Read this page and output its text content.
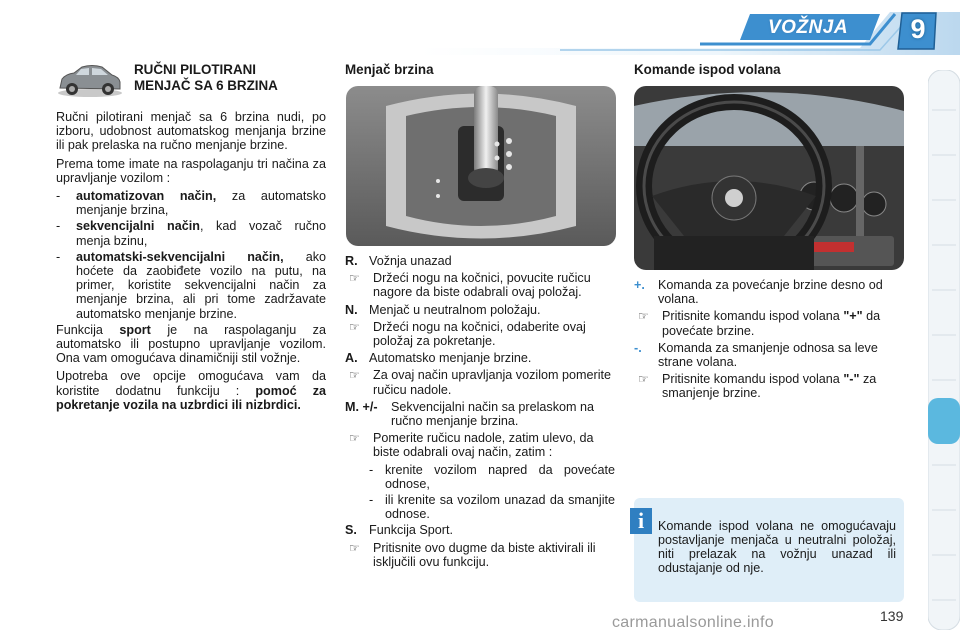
VOŽNJA	9
RUČNI PILOTIRANI
MENJAČ SA 6 BRZINA

Ručni pilotirani menjač sa 6 brzina nudi, po izboru, udobnost automatskog menjanja brzine ili pak prelaska na ručno menjanje brzine.

Prema tome imate na raspolaganju tri načina za upravljanje vozilom :

-	automatizovan način, za automatsko menjanje brzina,
-	sekvencijalni način, kad vozač ručno menja bzinu,
-	automatski-sekvencijalni način, ako hoćete da zaobiđete vozilo na putu, na primer, koristite sekvencijalni način za menjanje brzina, ali pri tome zadržavate automatsko menjanje brzine.

Funkcija sport je na raspolaganju za automatsko ili postupno upravljanje vozilom. Ona vam omogućava dinamičniji stil vožnje.

Upotreba ove opcije omogućava vam da koristite dodatnu funkciju : pomoć za pokretanje vozila na uzbrdici ili nizbrdici.

Menjač brzina
R. Vožnja unazad
☞	Držeći nogu na kočnici, povucite ručicu nagore da biste odabrali ovaj položaj.
N. Menjač u neutralnom položaju.
☞	Držeći nogu na kočnici, odaberite ovaj položaj za pokretanje.
A. Automatsko menjanje brzine.
☞	Za ovaj način upravljanja vozilom pomerite ručicu nadole.
M. +/-	Sekvencijalni način sa prelaskom na ručno menjanje brzina.
☞	Pomerite ručicu nadole, zatim ulevo, da biste odabrali ovaj način, zatim :
- krenite vozilom napred da povećate odnose,
- ili krenite sa vozilom unazad da smanjite odnose.
S. Funkcija Sport.
☞	Pritisnite ovo dugme da biste aktivirali ili isključili ovu funkciju.
Komande ispod volana
+.	Komanda za povećanje brzine desno od volana.
☞	Pritisnite komandu ispod volana "+" da povećate brzine.
-.	Komanda za smanjenje odnosa sa leve strane volana.
☞	Pritisnite komandu ispod volana "-" za smanjenje brzine.
i	Komande ispod volana ne omogućavaju postavljanje menjača u neutralni položaj, niti prelazak na vožnju unazad ili odustajanje od nje.
139
carmanualsonline.info
